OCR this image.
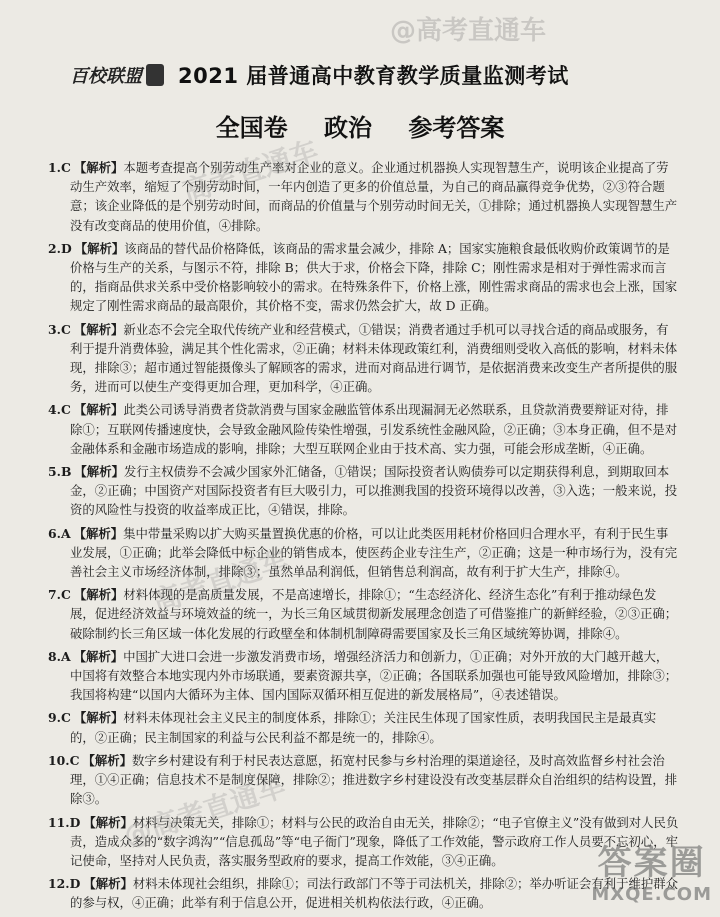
@高考直通车
百校联盟 2021 届普通高中教育教学质量监测考试
全国卷 政治 参考答案

1.C 【解析】本题考查提高个别劳动生产率对企业的意义。企业通过机器换人实现智慧生产，说明该企业提高了劳动生产效率，缩短了个别劳动时间，一年内创造了更多的价值总量，为自己的商品赢得竞争优势，②③符合题意；该企业降低的是个别劳动时间，而商品的价值量与个别劳动时间无关，①排除；通过机器换人实现智慧生产没有改变商品的使用价值，④排除。

2.D 【解析】该商品的替代品价格降低，该商品的需求量会减少，排除 A；国家实施粮食最低收购价政策调节的是价格与生产的关系，与图示不符，排除 B；供大于求，价格会下降，排除 C；刚性需求是相对于弹性需求而言的，指商品供求关系中受价格影响较小的需求。在特殊条件下，价格上涨，刚性需求商品的需求也会上涨，国家规定了刚性需求商品的最高限价，其价格不变，需求仍然会扩大，故 D 正确。

3.C 【解析】新业态不会完全取代传统产业和经营模式，①错误；消费者通过手机可以寻找合适的商品或服务，有利于提升消费体验，满足其个性化需求，②正确；材料未体现政策红利，消费细则受收入高低的影响，材料未体现，排除③；超市通过智能摄像头了解顾客的需求，进而对商品进行调节，是依据消费来改变生产者所提供的服务，进而可以使生产变得更加合理，更加科学，④正确。

4.C 【解析】此类公司诱导消费者贷款消费与国家金融监管体系出现漏洞无必然联系，且贷款消费要辩证对待，排除①；互联网传播速度快，会导致金融风险传染性增强，引发系统性金融风险，②正确；③本身正确，但不是对金融体系和金融市场造成的影响，排除；大型互联网企业由于技术高、实力强，可能会形成垄断，④正确。

5.B 【解析】发行主权债券不会减少国家外汇储备，①错误；国际投资者认购债券可以定期获得利息，到期取回本金，②正确；中国资产对国际投资者有巨大吸引力，可以推测我国的投资环境得以改善，③入选；一般来说，投资的风险性与投资的收益率成正比，④错误，排除。

6.A 【解析】集中带量采购以扩大购买量置换优惠的价格，可以让此类医用耗材价格回归合理水平，有利于民生事业发展，①正确；此举会降低中标企业的销售成本，使医药企业专注生产，②正确；这是一种市场行为，没有完善社会主义市场经济体制，排除③；虽然单品利润低，但销售总利润高，故有利于扩大生产，排除④。

7.C 【解析】材料体现的是高质量发展，不是高速增长，排除①；“生态经济化、经济生态化”有利于推动绿色发展，促进经济效益与环境效益的统一，为长三角区域贯彻新发展理念创造了可借鉴推广的新鲜经验，②③正确；破除制约长三角区域一体化发展的行政壁垒和体制机制障碍需要国家及长三角区域统筹协调，排除④。

8.A 【解析】中国扩大进口会进一步激发消费市场，增强经济活力和创新力，①正确；对外开放的大门越开越大，中国将有效整合本地实现内外市场联通，要素资源共享，②正确；各国联系加强也可能导致风险增加，排除③；我国将构建“以国内大循环为主体、国内国际双循环相互促进的新发展格局”，④表述错误。

9.C 【解析】材料未体现社会主义民主的制度体系，排除①；关注民生体现了国家性质，表明我国民主是最真实的，②正确；民主制国家的利益与公民利益不都是统一的，排除④。

10.C 【解析】数字乡村建设有利于村民表达意愿，拓宽村民参与乡村治理的渠道途径，及时高效监督乡村社会治理，①④正确；信息技术不是制度保障，排除②；推进数字乡村建设没有改变基层群众自治组织的结构设置，排除③。

11.D 【解析】材料与决策无关，排除①；材料与公民的政治自由无关，排除②；“电子官僚主义”没有做到对人民负责，造成众多的“数字鸿沟”“信息孤岛”等“电子衙门”现象，降低了工作效能，警示政府工作人员要不忘初心，牢记使命，坚持对人民负责，落实服务型政府的要求，提高工作效能，③④正确。

12.D 【解析】材料未体现社会组织，排除①；司法行政部门不等于司法机关，排除②；举办听证会有利于维护群众的参与权，④正确；此举有利于信息公开，促进相关机构依法行政，④正确。

高考直通车
高考直通车
@高考直通车
答案圈
MXQE.COM
